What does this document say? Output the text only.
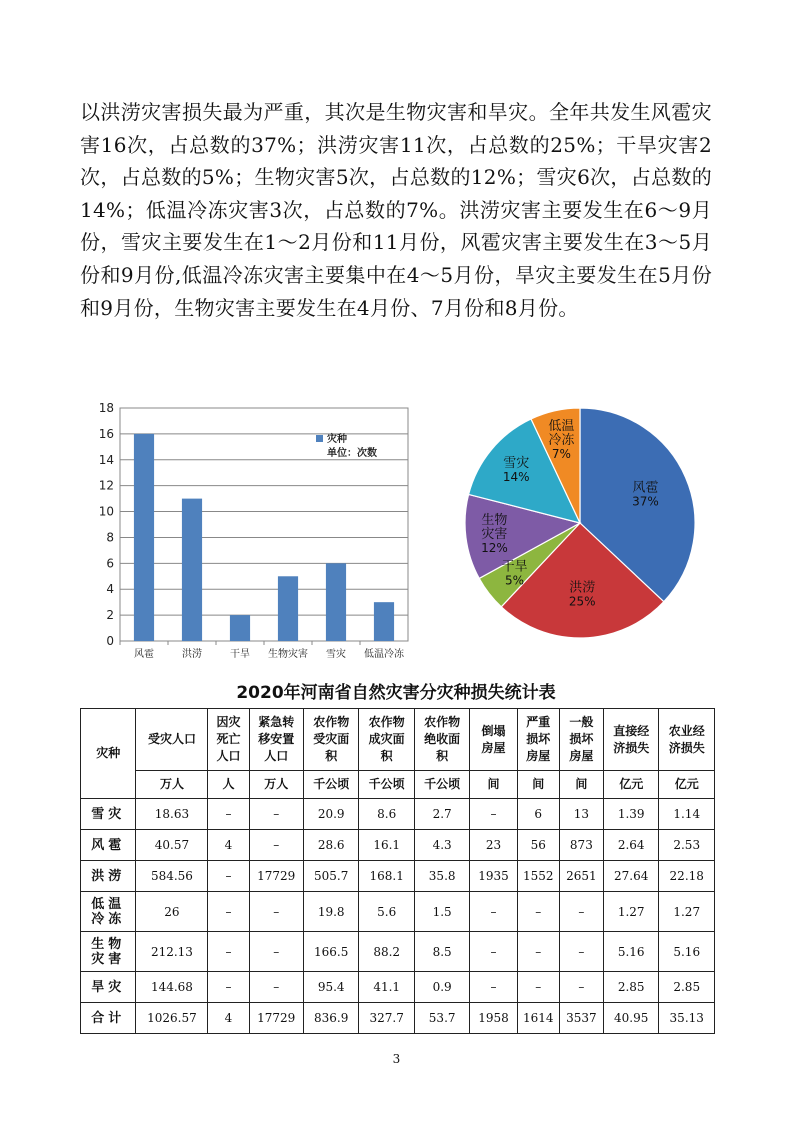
以洪涝灾害损失最为严重，其次是生物灾害和旱灾。全年共发生风雹灾害16次，占总数的37%；洪涝灾害11次，占总数的25%；干旱灾害2次，占总数的5%；生物灾害5次，占总数的12%；雪灾6次，占总数的14%；低温冷冻灾害3次，占总数的7%。洪涝灾害主要发生在6～9月份，雪灾主要发生在1～2月份和11月份，风雹灾害主要发生在3～5月份和9月份,低温冷冻灾害主要集中在4～5月份，旱灾主要发生在5月份和9月份，生物灾害主要发生在4月份、7月份和8月份。

0
2
4
6
8
10
12
14
16
18
风雹	洪涝	干旱 生物灾害 雪灾 低温冷冻
灾种
单位：次数
风雹
37%
洪涝
25%
干旱
5%
生物灾害
12%
雪灾
14%
低温冷冻
7%

2020年河南省自然灾害分灾种损失统计表

灾种	受灾人口	因灾死亡人口	紧急转移安置人口	农作物受灾面积	农作物成灾面积	农作物绝收面积	倒塌房屋	严重损坏房屋	一般损坏房屋	直接经济损失	农业经济损失
	万人	人	万人	千公顷	千公顷	千公顷	间	间	间	亿元	亿元
雪灾	18.63	–	–	20.9	8.6	2.7	–	6	13	1.39	1.14
风雹	40.57	4	–	28.6	16.1	4.3	23	56	873	2.64	2.53
洪涝	584.56	–	17729	505.7	168.1	35.8	1935	1552	2651	27.64	22.18
低温冷冻	26	–	–	19.8	5.6	1.5	–	–	–	1.27	1.27
生物灾害	212.13	–	–	166.5	88.2	8.5	–	–	–	5.16	5.16
旱灾	144.68	–	–	95.4	41.1	0.9	–	–	–	2.85	2.85
合计	1026.57	4	17729	836.9	327.7	53.7	1958	1614	3537	40.95	35.13

3
